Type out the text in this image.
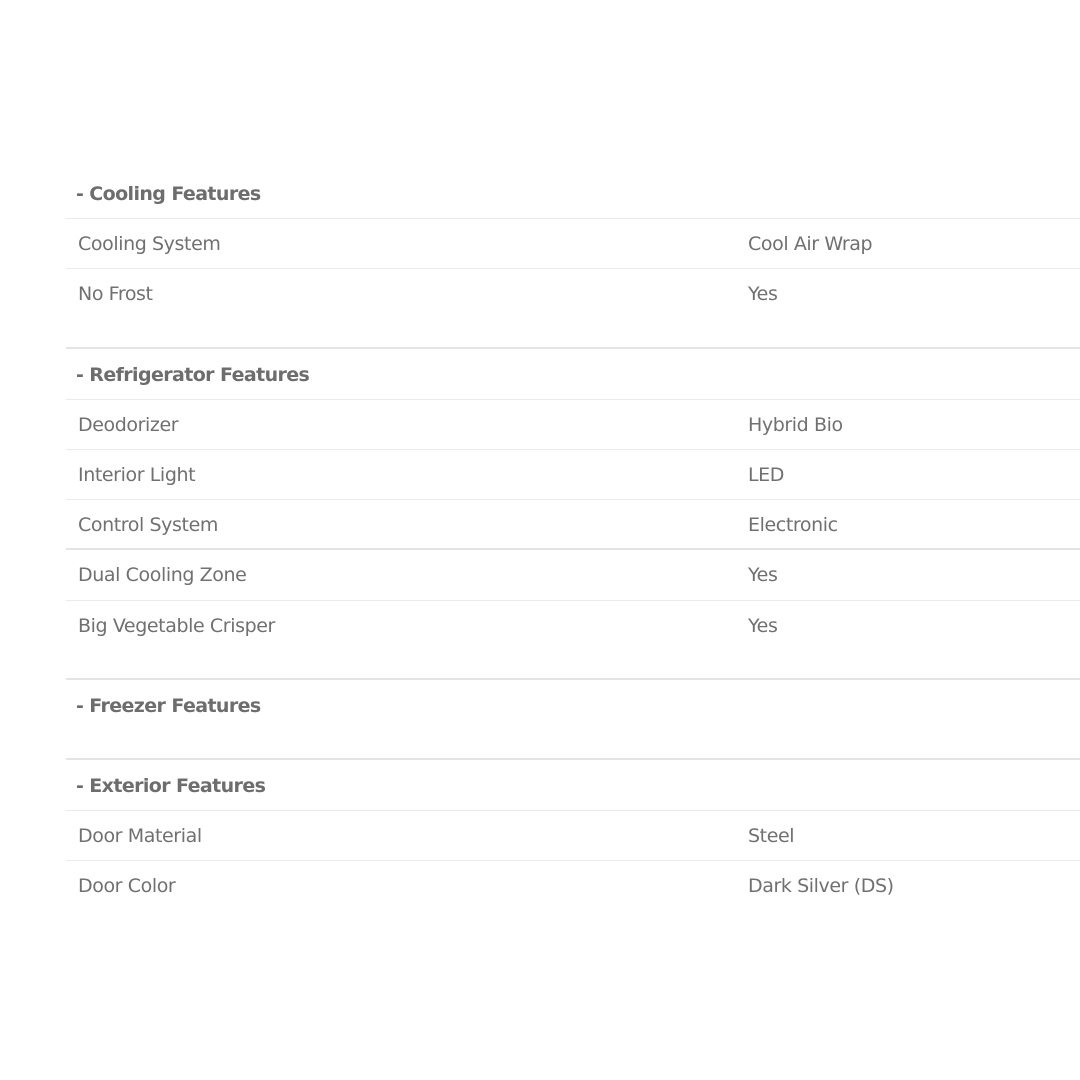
- Cooling Features
Cooling System	Cool Air Wrap
No Frost	Yes
- Refrigerator Features
Deodorizer	Hybrid Bio
Interior Light	LED
Control System	Electronic
Dual Cooling Zone	Yes
Big Vegetable Crisper	Yes
- Freezer Features
- Exterior Features
Door Material	Steel
Door Color	Dark Silver (DS)
